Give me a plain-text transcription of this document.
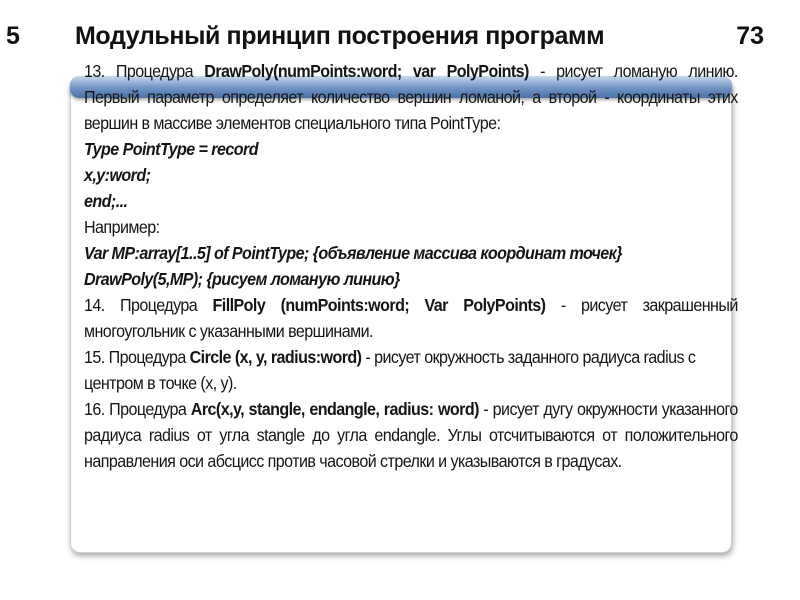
5 Модульный принцип построения программ	73

13. Процедура DrawPoly(numPoints:word; var PolyPoints) - рисует ломаную линию. Первый параметр определяет количество вершин ломаной, а второй - координаты этих вершин в массиве элементов специального типа PointType:

Type PointType = record

x,y:word;

end;...

Например:

Var MP:array[1..5] of PointType; {объявление массива координат точек}

DrawPoly(5,MP); {рисуем ломаную линию}

14. Процедура FillPoly (numPoints:word; Var PolyPoints) - рисует закрашенный многоугольник с указанными вершинами.

15. Процедура Circle (x, y, radius:word) - рисует окружность заданного радиуса radius с центром в точке (x, y).

16. Процедура Arc(x,y, stangle, endangle, radius: word) - рисует дугу окружности указанного радиуса radius от угла stangle до угла endangle. Углы отсчитываются от положительного направления оси абсцисс против часовой стрелки и указываются в градусах.
